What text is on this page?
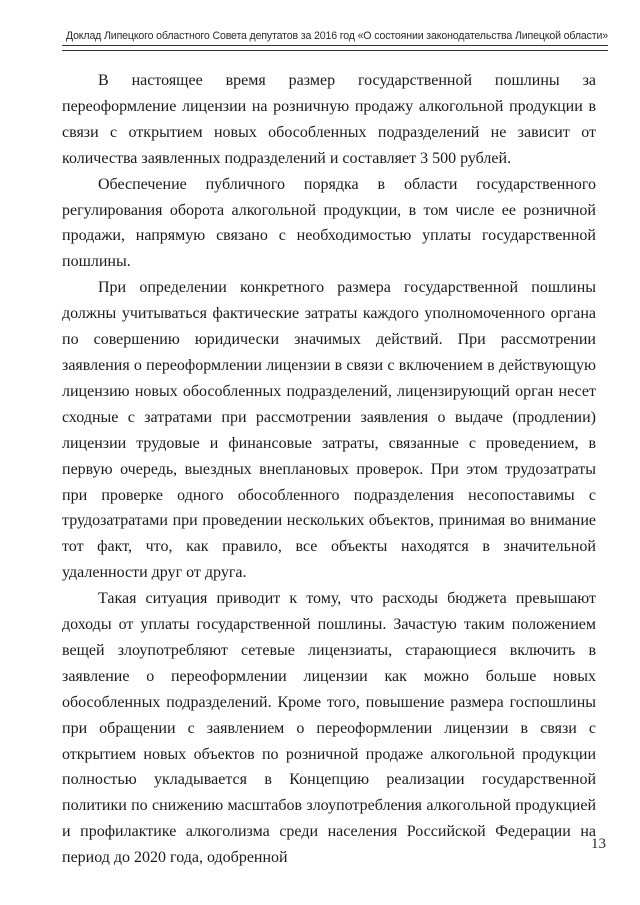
Доклад Липецкого областного Совета депутатов за 2016 год «О состоянии законодательства Липецкой области»

В настоящее время размер государственной пошлины за переоформление лицензии на розничную продажу алкогольной продукции в связи с открытием новых обособленных подразделений не зависит от количества заявленных подразделений и составляет 3 500 рублей.

Обеспечение публичного порядка в области государственного регулирования оборота алкогольной продукции, в том числе ее розничной продажи, напрямую связано с необходимостью уплаты государственной пошлины.

При определении конкретного размера государственной пошлины должны учитываться фактические затраты каждого уполномоченного органа по совершению юридически значимых действий. При рассмотрении заявления о переоформлении лицензии в связи с включением в действующую лицензию новых обособленных подразделений, лицензирующий орган несет сходные с затратами при рассмотрении заявления о выдаче (продлении) лицензии трудовые и финансовые затраты, связанные с проведением, в первую очередь, выездных внеплановых проверок. При этом трудозатраты при проверке одного обособленного подразделения несопоставимы с трудозатратами при проведении нескольких объектов, принимая во внимание тот факт, что, как правило, все объекты находятся в значительной удаленности друг от друга.

Такая ситуация приводит к тому, что расходы бюджета превышают доходы от уплаты государственной пошлины. Зачастую таким положением вещей злоупотребляют сетевые лицензиаты, старающиеся включить в заявление о переоформлении лицензии как можно больше новых обособленных подразделений. Кроме того, повышение размера госпошлины при обращении с заявлением о переоформлении лицензии в связи с открытием новых объектов по розничной продаже алкогольной продукции полностью укладывается в Концепцию реализации государственной политики по снижению масштабов злоупотребления алкогольной продукцией и профилактике алкоголизма среди населения Российской Федерации на период до 2020 года, одобренной

13
